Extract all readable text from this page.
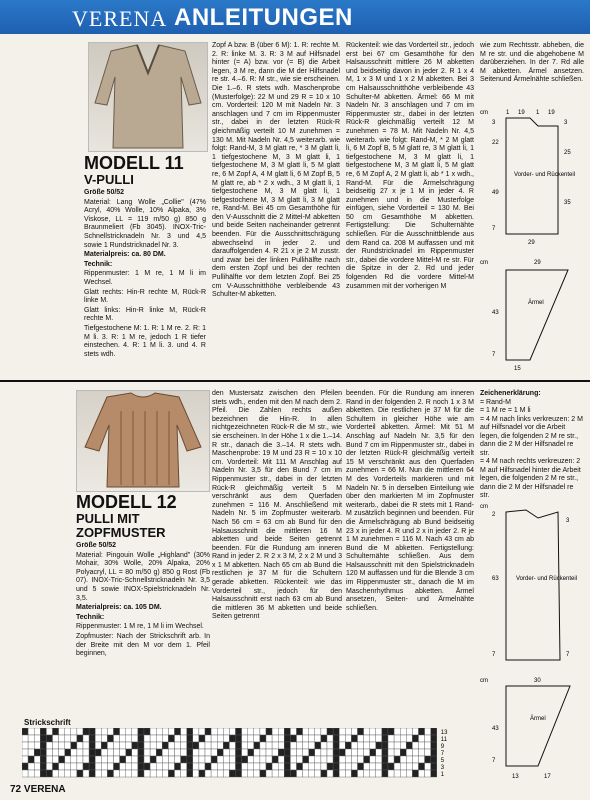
VERENA ANLEITUNGEN
MODELL 11
V-PULLI

Größe 50/52

Material: Lang Wolle „Collie" (47% Acryl, 40% Wolle, 10% Alpaka, 3% Viskose, LL = 119 m/50 g) 850 g Braunmeliert (Fb 3045). INOX-Tric-Schnellstricknadeln Nr. 3 und 4,5 sowie 1 Rundstricknadel Nr. 3.

Materialpreis: ca. 80 DM.

Technik:

Rippenmuster: 1 M re, 1 M li im Wechsel.

Glatt rechts: Hin-R rechte M, Rück-R linke M.

Glatt links: Hin-R linke M, Rück-R rechte M.

Tiefgestochene M: 1. R: 1 M re. 2. R: 1 M li. 3. R: 1 M re, jedoch 1 R tiefer einstechen. 4. R: 1 M li. 3. und 4. R stets wdh.

Zopf A bzw. B (über 6 M): 1. R: rechte M. 2. R: linke M. 3. R: 3 M auf Hilfsnadel hinter (= A) bzw. vor (= B) die Arbeit legen, 3 M re, dann die M der Hilfsnadel re str. 4.–6. R: M str., wie sie erscheinen. Die 1.–6. R stets wdh. Maschenprobe (Musterfolge): 22 M und 29 R = 10 x 10 cm. Vorderteil: 120 M mit Nadeln Nr. 3 anschlagen und 7 cm im Rippenmuster str., dabei in der letzten Rück-R gleichmäßig verteilt 10 M zunehmen = 130 M. Mit Nadeln Nr. 4,5 weiterarb. wie folgt: Rand-M, 3 M glatt re, * 3 M glatt li, 1 tiefgestochene M, 3 M glatt li, 1 tiefgestochene M, 3 M glatt li, 5 M glatt re, 6 M Zopf A, 4 M glatt li, 6 M Zopf B, 5 M glatt re, ab * 2 x wdh., 3 M glatt li, 1 tiefgestochene M, 3 M glatt li, 1 tiefgestochene M, 3 M glatt li, 3 M glatt re, Rand-M. Bei 45 cm Gesamthöhe für den V-Ausschnitt die 2 Mittel-M abketten und beide Seiten nacheinander getrennt beenden. Für die Ausschnittschrägung abwechselnd in jeder 2. und darauffolgenden 4. R 21 x je 2 M zusstr. und zwar bei der linken Pullihälfte nach dem ersten Zopf und bei der rechten Pullihälfte vor dem letzten Zopf. Bei 25 cm V-Ausschnitthöhe verbleibende 43 Schulter-M abketten.

Rückenteil: wie das Vorderteil str., jedoch erst bei 67 cm Gesamthöhe für den Halsausschnitt mittlere 26 M abketten und beidseitig davon in jeder 2. R 1 x 4 M, 1 x 3 M und 1 x 2 M abketten. Bei 3 cm Halsausschnitthöhe verbleibende 43 Schulter-M abketten. Ärmel: 66 M mit Nadeln Nr. 3 anschlagen und 7 cm im Rippenmuster str., dabei in der letzten Rück-R gleichmäßig verteilt 12 M zunehmen = 78 M. Mit Nadeln Nr. 4,5 weiterarb. wie folgt: Rand-M, * 2 M glatt li, 6 M Zopf B, 5 M glatt re, 3 M glatt li, 1 tiefgestochene M, 3 M glatt li, 1 tiefgestochene M, 3 M glatt li, 5 M glatt re, 6 M Zopf A, 2 M glatt li, ab * 1 x wdh., Rand-M. Für die Ärmelschrägung beidseitig 27 x je 1 M in jeder 4. R zunehmen und in die Musterfolge einfügen, siehe Vorderteil = 130 M. Bei 50 cm Gesamthöhe M abketten. Fertigstellung: Die Schulternähte schließen. Für die Ausschnittblende aus dem Rand ca. 208 M auffassen und mit der Rundstricknadel im Rippenmuster str., dabei die vordere Mittel-M re str. Für die Spitze in der 2. Rd und jeder folgenden Rd die vordere Mittel-M zusammen mit der vorherigen M

wie zum Rechtsstr. abheben, die M re str. und die abgehobene M darüberziehen. In der 7. Rd alle M abketten. Ärmel ansetzen. Seitenund Ärmelnähte schließen.

cm	1 19 1 19
Vorder- und Rückenteil
3
22
49
7
25
3
35
29
cm	29
Ärmel
43
7
15
MODELL 12
PULLI MIT
ZOPFMUSTER

Größe 50/52

Material: Pingouin Wolle „Highland" (30% Mohair, 30% Wolle, 20% Alpaka, 20% Polyacryl, LL = 80 m/50 g) 850 g Rost (Fb 07). INOX-Tric-Schnellstricknadeln Nr. 3,5 und 5 sowie INOX-Spielstricknadeln Nr. 3,5.

Materialpreis: ca. 105 DM.

Technik:

Rippenmuster: 1 M re, 1 M li im Wechsel.

Zopfmuster: Nach der Strickschrift arb. In der Breite mit den M vor dem 1. Pfeil beginnen,

den Mustersatz zwischen den Pfeilen stets wdh., enden mit den M nach dem 2. Pfeil. Die Zahlen rechts außen bezeichnen die Hin-R. In allen nichtgezeichneten Rück-R die M str., wie sie erscheinen. In der Höhe 1 x die 1.–14. R str., danach die 3.–14. R stets wdh. Maschenprobe: 19 M und 23 R = 10 x 10 cm. Vorderteil: Mit 111 M Anschlag auf Nadeln Nr. 3,5 für den Bund 7 cm im Rippenmuster str., dabei in der letzten Rück-R gleichmäßig verteilt 5 M verschränkt aus dem Querfaden zunehmen = 116 M. Anschließend mit Nadeln Nr. 5 im Zopfmuster weiterarb. Nach 56 cm = 63 cm ab Bund für den Halsausschnitt die mittleren 16 M abketten und beide Seiten getrennt beenden. Für die Rundung am inneren Rand in jeder 2. R 2 x 3 M, 2 x 2 M und 3 x 1 M abketten. Nach 65 cm ab Bund die restlichen je 37 M für die Schultern gerade abketten. Rückenteil: wie das Vorderteil str., jedoch für den Halsausschnitt erst nach 63 cm ab Bund die mittleren 36 M abketten und beide Seiten getrennt

beenden. Für die Rundung am inneren Rand in der folgenden 2. R noch 1 x 3 M abketten. Die restlichen je 37 M für die Schultern in gleicher Höhe wie am Vorderteil abketten. Ärmel: Mit 51 M Anschlag auf Nadeln Nr. 3,5 für den Bund 7 cm im Rippenmuster str., dabei in der letzten Rück-R gleichmäßig verteilt 15 M verschränkt aus den Querfaden zunehmen = 66 M. Nun die mittleren 64 M des Vorderteils markieren und mit Nadeln Nr. 5 in derselben Einteilung wie über den markierten M im Zopfmuster weiterarb., dabei die R stets mit 1 Rand-M zusätzlich beginnen und beenden. Für die Ärmelschrägung ab Bund beidseitig 23 x in jeder 4. R und 2 x in jeder 2. R je 1 M zunehmen = 116 M. Nach 43 cm ab Bund die M abketten. Fertigstellung: Schulternähte schließen. Aus dem Halsausschnitt mit den Spielstricknadeln 120 M auffassen und für die Blende 3 cm im Rippenmuster str., danach die M im Maschenrhythmus abketten. Ärmel ansetzen, Seiten- und Ärmelnähte schließen.

Zeichenerklärung:
= Rand-M
= 1 M re = 1 M li
= 4 M nach links verkreuzen: 2 M auf Hilfsnadel vor die Arbeit legen, die folgenden 2 M re str., dann die 2 M der Hilfsnadel re str.
= 4 M nach rechts verkreuzen: 2 M auf Hilfsnadel hinter die Arbeit legen, die folgenden 2 M re str., dann die 2 M der Hilfsnadel re str.
cm
Vorder- und Rückenteil
2
63
7
3
7
cm	30
Ärmel
43
7
13	17
Strickschrift
13
11
9
7
5
3
1
72 VERENA
